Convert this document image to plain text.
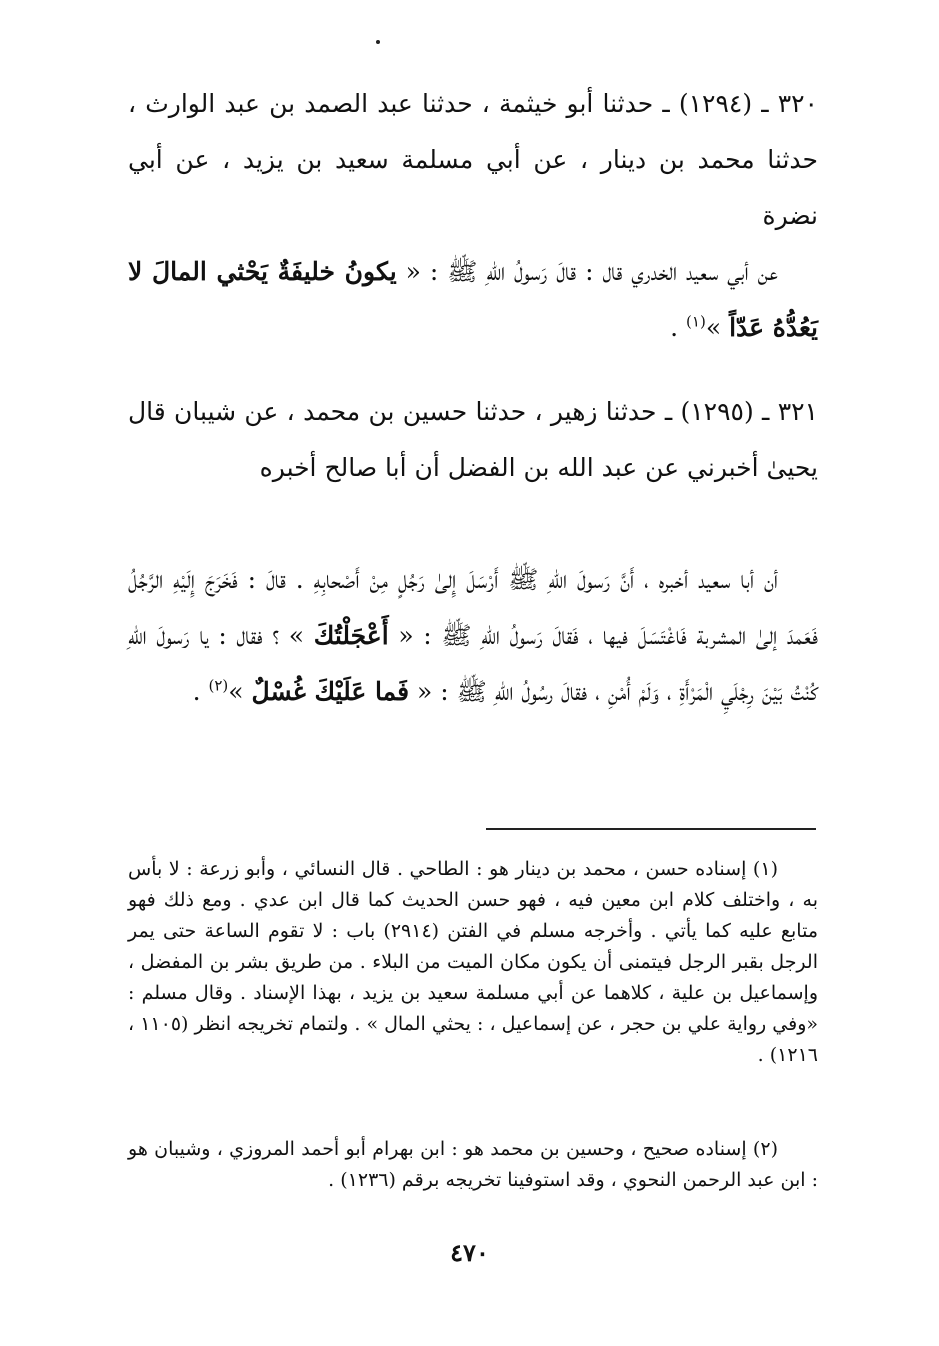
٣٢٠ ـ (١٢٩٤) ـ حدثنا أبو خيثمة ، حدثنا عبد الصمد بن عبد الوارث ، حدثنا محمد بن دينار ، عن أبي مسلمة سعيد بن يزيد ، عن أبي نضرة
عن أبي سعيد الخدري قال : قالَ رَسولُ اللّهِ ﷺ : « يكونُ خليفَةٌ يَحْثي المالَ لا يَعُدُّهُ عَدّاً »$^{(١)}$ .
٣٢١ ـ (١٢٩٥) ـ حدثنا زهير ، حدثنا حسين بن محمد ، عن شيبان قال يحيىٰ أخبرني عن عبد الله بن الفضل أن أبا صالح أخبره
أن أبا سعيد أخبره ، أَنَّ رَسولَ اللّهِ ﷺ أَرْسَلَ إِلىٰ رَجُلٍ مِنْ أَصْحابِهِ . قالَ : فَخَرَجَ إِلَيْهِ الرَّجُلُ فَعَمدَ إلىٰ المشربة فَاغْتَسَلَ فيها ، فَقالَ رَسولُ اللّهِ ﷺ : « أَعْجَلْتُكَ » ؟ فقال : يا رَسولَ اللّهِ كُنْتُ بَيْنَ رِجْلَيِ الْمَرْأَةِ ، وَلَمْ أُمْنِ ، فقالَ رسُولُ اللّهِ ﷺ : « فَما عَلَيْكَ غُسْلٌ »$^{(٢)}$ .
(١) إسناده حسن ، محمد بن دينار هو : الطاحي . قال النسائي ، وأبو زرعة : لا بأس به ، واختلف كلام ابن معين فيه ، فهو حسن الحديث كما قال ابن عدي . ومع ذلك فهو متابع عليه كما يأتي . وأخرجه مسلم في الفتن (٢٩١٤) باب : لا تقوم الساعة حتى يمر الرجل بقبر الرجل فيتمنى أن يكون مكان الميت من البلاء . من طريق بشر بن المفضل ، وإسماعيل بن علية ، كلاهما عن أبي مسلمة سعيد بن يزيد ، بهذا الإسناد . وقال مسلم : «وفي رواية علي بن حجر ، عن إسماعيل ، : يحثي المال » . ولتمام تخريجه انظر (١١٠٥ ، ١٢١٦) .
(٢) إسناده صحيح ، وحسين بن محمد هو : ابن بهرام أبو أحمد المروزي ، وشيبان هو : ابن عبد الرحمن النحوي ، وقد استوفينا تخريجه برقم (١٢٣٦) .
٤٧٠
